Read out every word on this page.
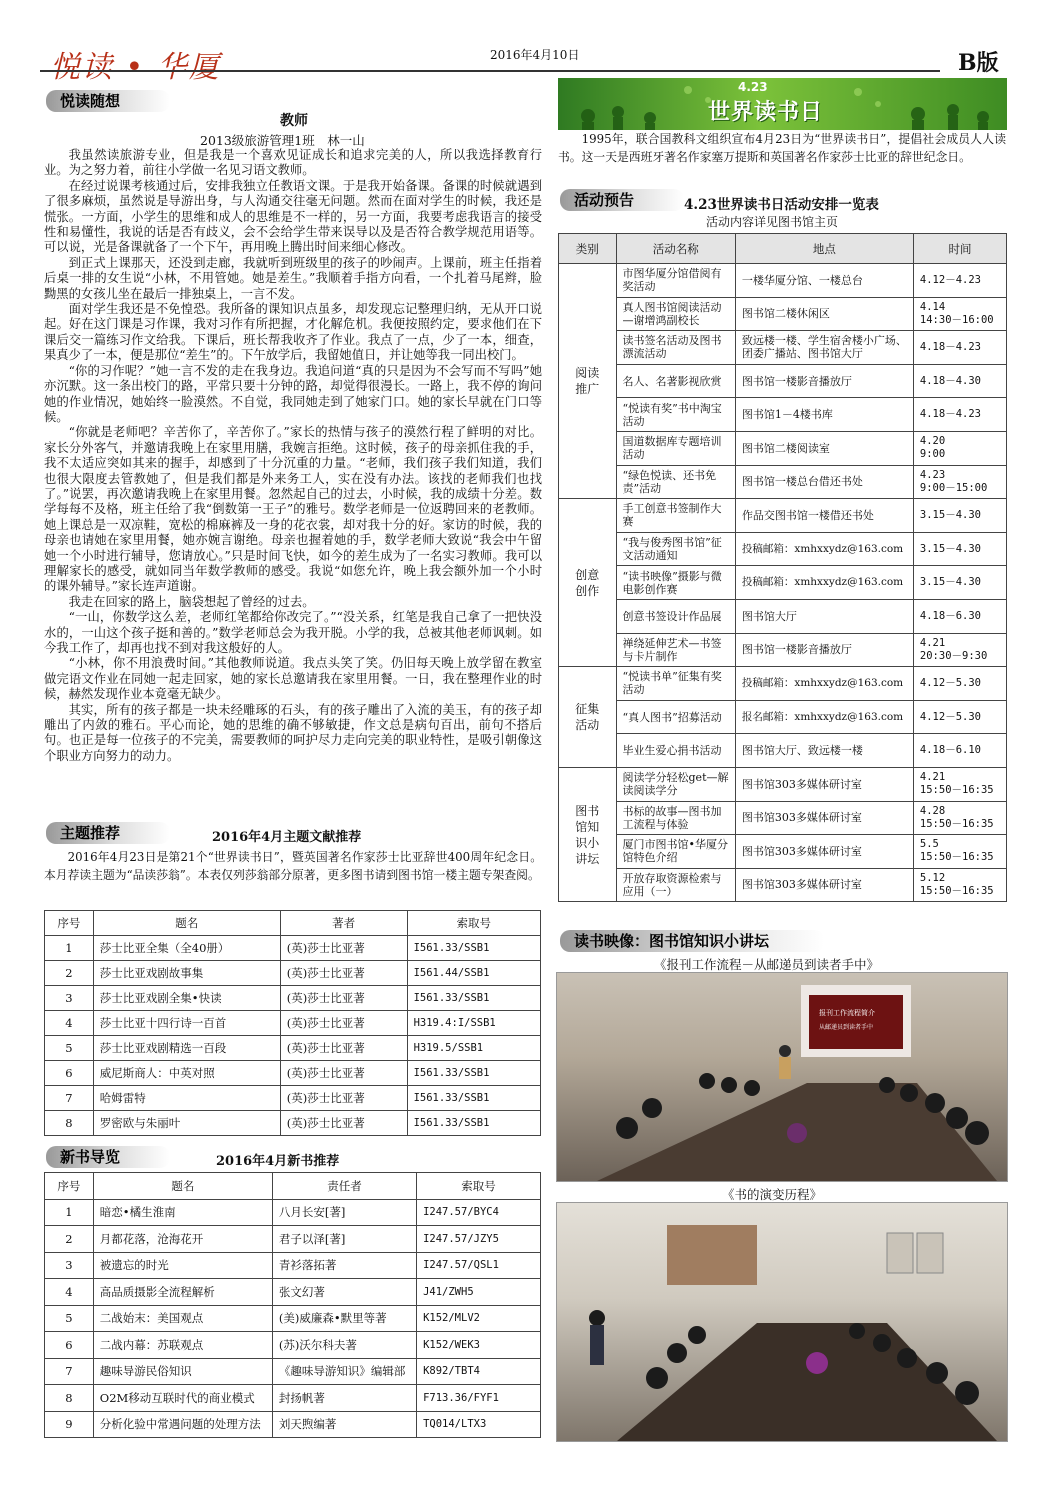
悦读 • 华厦	2016年4月10日	B版
悦读随想
教师
2013级旅游管理1班　林一山

我虽然读旅游专业，但是我是一个喜欢见证成长和追求完美的人，所以我选择教育行业。为之努力着，前往小学做一名见习语文教师。

在经过说课考核通过后，安排我独立任教语文课。于是我开始备课。备课的时候就遇到了很多麻烦，虽然说是导游出身，与人沟通交往毫无问题。然而在面对学生的时候，我还是慌张。一方面，小学生的思维和成人的思维是不一样的，另一方面，我要考虑我语言的接受性和易懂性，我说的话是否有歧义，会不会给学生带来误导以及是否符合教学规范用语等。可以说，光是备课就备了一个下午，再用晚上腾出时间来细心修改。

到正式上课那天，还没到走廊，我就听到班级里的孩子的吵闹声。上课前，班主任指着后桌一排的女生说“小林，不用管她。她是差生。”我顺着手指方向看，一个扎着马尾辫，脸黝黑的女孩儿坐在最后一排独桌上，一言不发。

面对学生我还是不免惶恐。我所备的课知识点虽多，却发现忘记整理归纳，无从开口说起。好在这门课是习作课，我对习作有所把握，才化解危机。我便按照约定，要求他们在下课后交一篇练习作文给我。下课后，班长帮我收齐了作业。我点了一点，少了一本，细查，果真少了一本，便是那位“差生”的。下午放学后，我留她值日，并让她等我一同出校门。

“你的习作呢？”她一言不发的走在我身边。我追问道“真的只是因为不会写而不写吗”她亦沉默。这一条出校门的路，平常只要十分钟的路，却觉得很漫长。一路上，我不停的询问她的作业情况，她始终一脸漠然。不自觉，我同她走到了她家门口。她的家长早就在门口等候。

“你就是老师吧？辛苦你了，辛苦你了。”家长的热情与孩子的漠然行程了鲜明的对比。家长分外客气，并邀请我晚上在家里用膳，我婉言拒绝。这时候，孩子的母亲抓住我的手，我不太适应突如其来的握手，却感到了十分沉重的力量。“老师，我们孩子我们知道，我们也很大限度去管教她了，但是我们都是外来务工人，实在没有办法。该找的老师我们也找了。”说罢，再次邀请我晚上在家里用餐。忽然起自己的过去，小时候，我的成绩十分差。数学每每不及格，班主任给了我“倒数第一王子”的雅号。数学老师是一位返聘回来的老教师。她上课总是一双凉鞋，宽松的棉麻裤及一身的花衣裳，却对我十分的好。家访的时候，我的母亲也请她在家里用餐，她亦婉言谢绝。母亲也握着她的手，数学老师大致说“我会中午留她一个小时进行辅导，您请放心。”只是时间飞快，如今的差生成为了一名实习教师。我可以理解家长的感受，就如同当年数学教师的感受。我说“如您允许，晚上我会额外加一个小时的课外辅导。”家长连声道谢。

我走在回家的路上，脑袋想起了曾经的过去。

“一山，你数学这么差，老师红笔都给你改完了。”“没关系，红笔是我自己拿了一把快没水的，一山这个孩子挺和善的。”数学老师总会为我开脱。小学的我，总被其他老师讽刺。如今我工作了，却再也找不到对我这般好的人。

“小林，你不用浪费时间。”其他教师说道。我点头笑了笑。仍旧每天晚上放学留在教室做完语文作业在同她一起走回家，她的家长总邀请我在家里用餐。一日，我在整理作业的时候，赫然发现作业本竟毫无缺少。

其实，所有的孩子都是一块未经雕琢的石头，有的孩子雕出了入流的美玉，有的孩子却雕出了内敛的雅石。平心而论，她的思维的确不够敏捷，作文总是病句百出，前句不搭后句。也正是每一位孩子的不完美，需要教师的呵护尽力走向完美的职业特性，是吸引朝像这个职业方向努力的动力。

主题推荐	2016年4月主题文献推荐

2016年4月23日是第21个“世界读书日”，暨英国著名作家莎士比亚辞世400周年纪念日。本月荐读主题为“品读莎翁”。本表仅列莎翁部分原著，更多图书请到图书馆一楼主题专架查阅。

序号	题名	著者	索取号
1	莎士比亚全集（全40册）	(英)莎士比亚著	I561.33/SSB1
2	莎士比亚戏剧故事集	(英)莎士比亚著	I561.44/SSB1
3	莎士比亚戏剧全集•快读	(英)莎士比亚著	I561.33/SSB1
4	莎士比亚十四行诗一百首	(英)莎士比亚著	H319.4:I/SSB1
5	莎士比亚戏剧精选一百段	(英)莎士比亚著	H319.5/SSB1
6	威尼斯商人：中英对照	(英)莎士比亚著	I561.33/SSB1
7	哈姆雷特	(英)莎士比亚著	I561.33/SSB1
8	罗密欧与朱丽叶	(英)莎士比亚著	I561.33/SSB1
新书导览	2016年4月新书推荐
序号	题名	责任者	索取号
1	暗恋•橘生淮南	八月长安[著]	I247.57/BYC4
2	月都花落，沧海花开	君子以泽[著]	I247.57/JZY5
3	被遗忘的时光	青衫落拓著	I247.57/QSL1
4	高品质摄影全流程解析	张文幻著	J41/ZWH5
5	二战始末：美国观点	(美)威廉森•默里等著	K152/MLV2
6	二战内幕：苏联观点	(苏)沃尔科夫著	K152/WEK3
7	趣味导游民俗知识	《趣味导游知识》编辑部	K892/TBT4
8	O2M移动互联时代的商业模式	封扬帆著	F713.36/FYF1
9	分析化验中常遇问题的处理方法	刘天煦编著	TQ014/LTX3
4.23
世界读书日

1995年，联合国教科文组织宣布4月23日为“世界读书日”，提倡社会成员人人读书。这一天是西班牙著名作家塞万提斯和英国著名作家莎士比亚的辞世纪念日。

活动预告	4.23世界读书日活动安排一览表
活动内容详见图书馆主页
类别	活动名称	地点	时间
阅读推广	市图华厦分馆借阅有奖活动	一楼华厦分馆、一楼总台	4.12－4.23
	真人图书馆阅读活动—谢增鸿副校长	图书馆二楼休闲区	4.14
14:30－16:00
	读书签名活动及图书漂流活动	致远楼一楼、学生宿舍楼小广场、团委广播站、图书馆大厅	4.18－4.23
	名人、名著影视欣赏	图书馆一楼影音播放厅	4.18－4.30
	“悦读有奖”书中淘宝活动	图书馆1－4楼书库	4.18－4.23
	国道数据库专题培训活动	图书馆二楼阅读室	4.20
9:00
	“绿色悦读、还书免责”活动	图书馆一楼总台借还书处	4.23
9:00－15:00
创意创作	手工创意书签制作大赛	作品交图书馆一楼借还书处	3.15－4.30
	“我与俊秀图书馆”征文活动通知	投稿邮箱：xmhxxydz@163.com	3.15－4.30
	“读书映像”摄影与微电影创作赛	投稿邮箱：xmhxxydz@163.com	3.15－4.30
	创意书签设计作品展	图书馆大厅	4.18－6.30
	禅绕延伸艺术—书签与卡片制作	图书馆一楼影音播放厅	4.21
20:30－9:30
征集活动	“悦读书单”征集有奖活动	投稿邮箱：xmhxxydz@163.com	4.12－5.30
	“真人图书”招募活动	报名邮箱：xmhxxydz@163.com	4.12－5.30
	毕业生爱心捐书活动	图书馆大厅、致远楼一楼	4.18－6.10
图书馆知识小讲坛	阅读学分轻松get—解读阅读学分	图书馆303多媒体研讨室	4.21
15:50－16:35
	书标的故事—图书加工流程与体验	图书馆303多媒体研讨室	4.28
15:50－16:35
	厦门市图书馆•华厦分馆特色介绍	图书馆303多媒体研讨室	5.5
15:50－16:35
	开放存取资源检索与应用（一）	图书馆303多媒体研讨室	5.12
15:50－16:35
读书映像：图书馆知识小讲坛
《报刊工作流程－从邮递员到读者手中》
报刊工作流程简介
从邮递员到读者手中
《书的演变历程》
